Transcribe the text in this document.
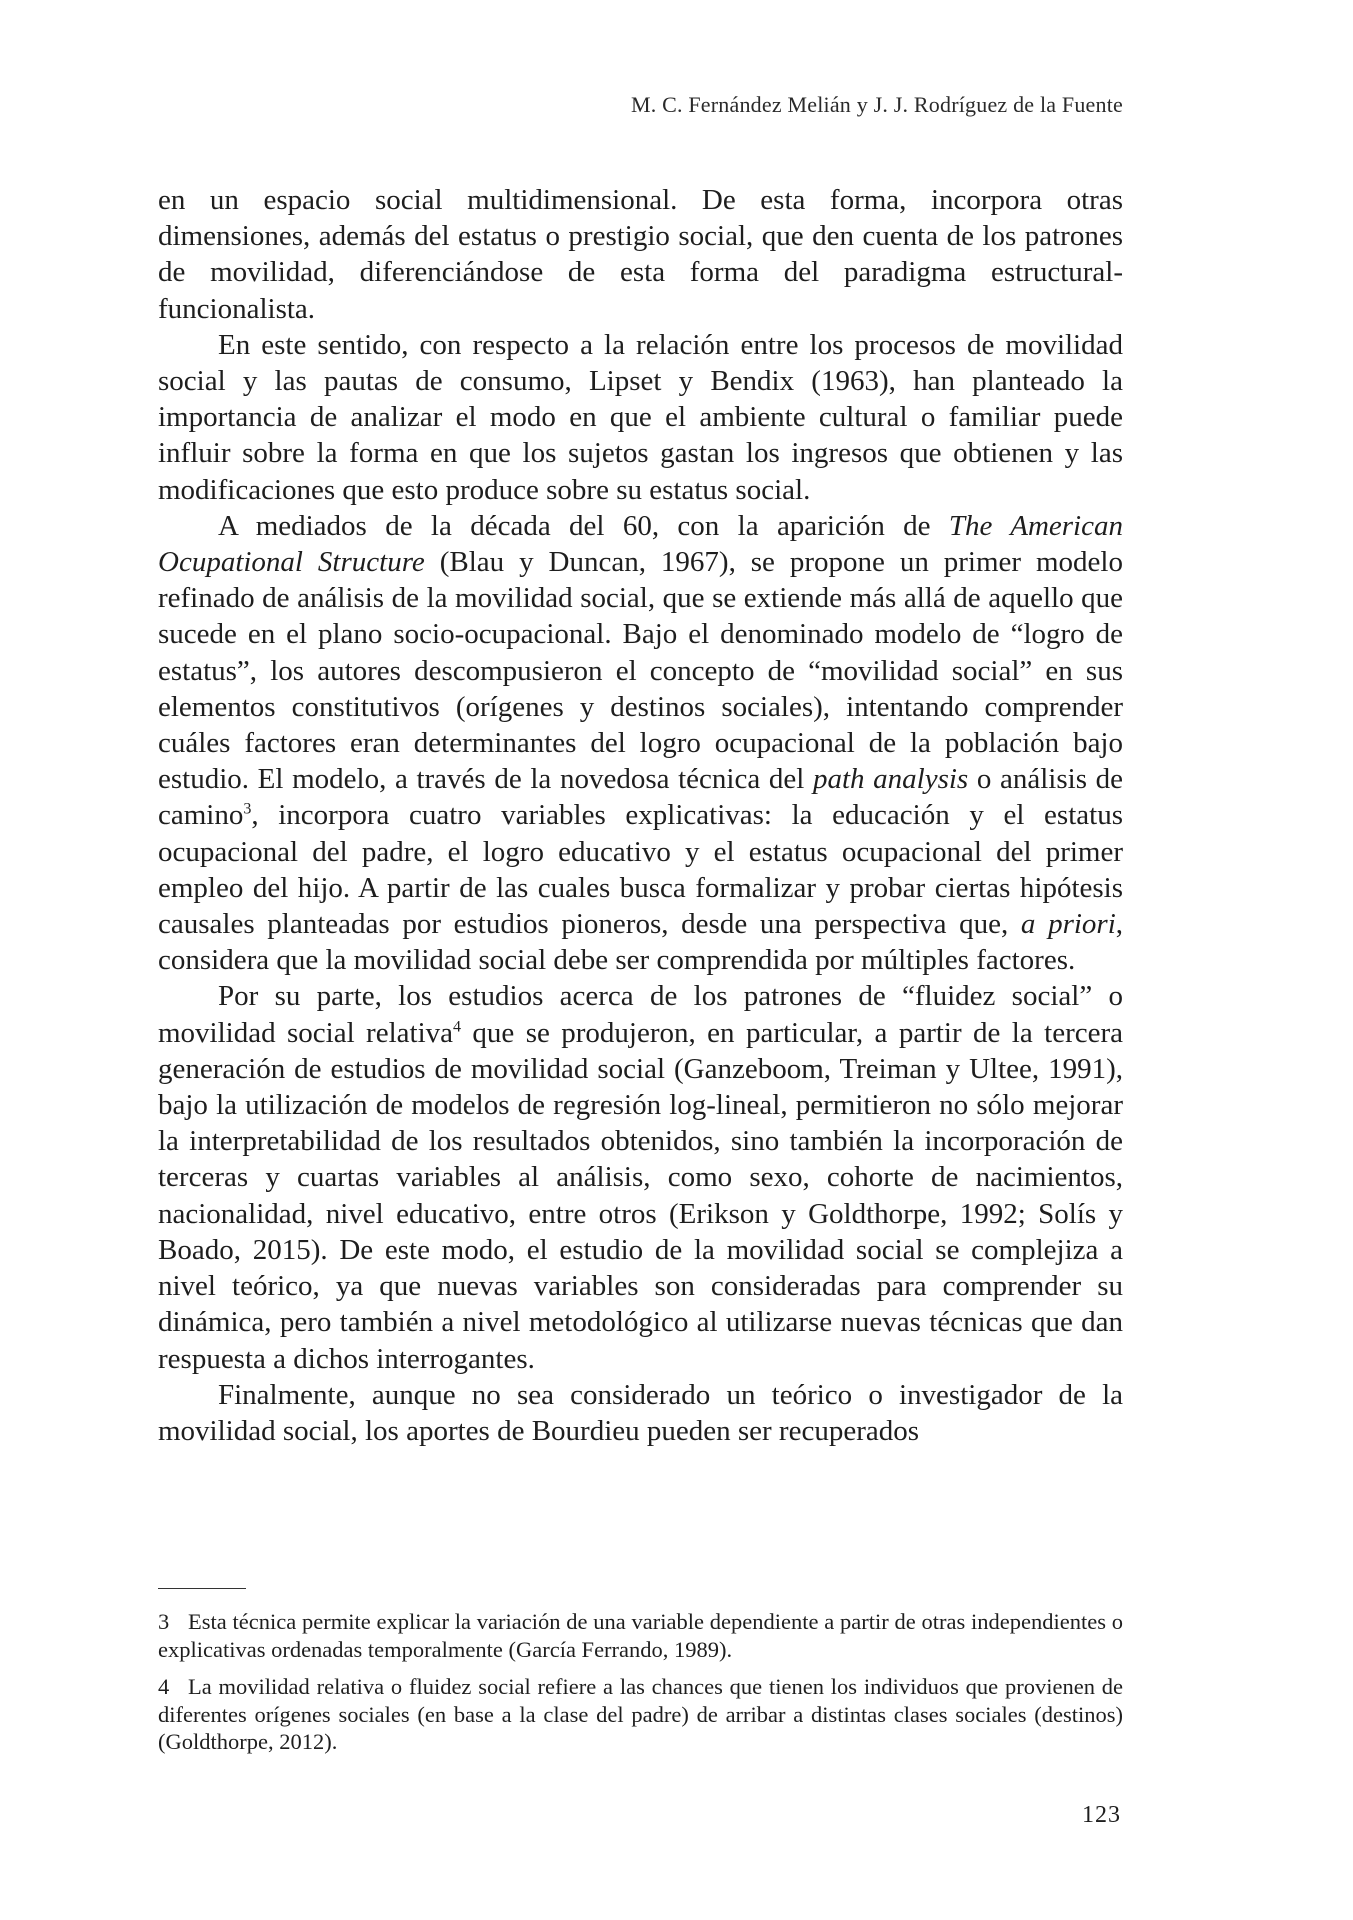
M. C. Fernández Melián y J. J. Rodríguez de la Fuente

en un espacio social multidimensional. De esta forma, incorpora otras dimensiones, además del estatus o prestigio social, que den cuenta de los patrones de movilidad, diferenciándose de esta forma del paradigma estructural-funcionalista.

En este sentido, con respecto a la relación entre los procesos de movilidad social y las pautas de consumo, Lipset y Bendix (1963), han planteado la importancia de analizar el modo en que el ambiente cultural o familiar puede influir sobre la forma en que los sujetos gastan los ingresos que obtienen y las modificaciones que esto produce sobre su estatus social.

A mediados de la década del 60, con la aparición de The American Ocupational Structure (Blau y Duncan, 1967), se propone un primer modelo refinado de análisis de la movilidad social, que se extiende más allá de aquello que sucede en el plano socio-ocupacional. Bajo el denominado modelo de “logro de estatus”, los autores descompusieron el concepto de “movilidad social” en sus elementos constitutivos (orígenes y destinos sociales), intentando comprender cuáles factores eran determinantes del logro ocupacional de la población bajo estudio. El modelo, a través de la novedosa técnica del path analysis o análisis de camino$^3$, incorpora cuatro variables explicativas: la educación y el estatus ocupacional del padre, el logro educativo y el estatus ocupacional del primer empleo del hijo. A partir de las cuales busca formalizar y probar ciertas hipótesis causales planteadas por estudios pioneros, desde una perspectiva que, a priori, considera que la movilidad social debe ser comprendida por múltiples factores.

Por su parte, los estudios acerca de los patrones de “fluidez social” o movilidad social relativa$^4$ que se produjeron, en particular, a partir de la tercera generación de estudios de movilidad social (Ganzeboom, Treiman y Ultee, 1991), bajo la utilización de modelos de regresión log-lineal, permitieron no sólo mejorar la interpretabilidad de los resultados obtenidos, sino también la incorporación de terceras y cuartas variables al análisis, como sexo, cohorte de nacimientos, nacionalidad, nivel educativo, entre otros (Erikson y Goldthorpe, 1992; Solís y Boado, 2015). De este modo, el estudio de la movilidad social se complejiza a nivel teórico, ya que nuevas variables son consideradas para comprender su dinámica, pero también a nivel metodológico al utilizarse nuevas técnicas que dan respuesta a dichos interrogantes.

Finalmente, aunque no sea considerado un teórico o investigador de la movilidad social, los aportes de Bourdieu pueden ser recuperados

3 Esta técnica permite explicar la variación de una variable dependiente a partir de otras independientes o explicativas ordenadas temporalmente (García Ferrando, 1989).

4 La movilidad relativa o fluidez social refiere a las chances que tienen los individuos que provienen de diferentes orígenes sociales (en base a la clase del padre) de arribar a distintas clases sociales (destinos) (Goldthorpe, 2012).

123
